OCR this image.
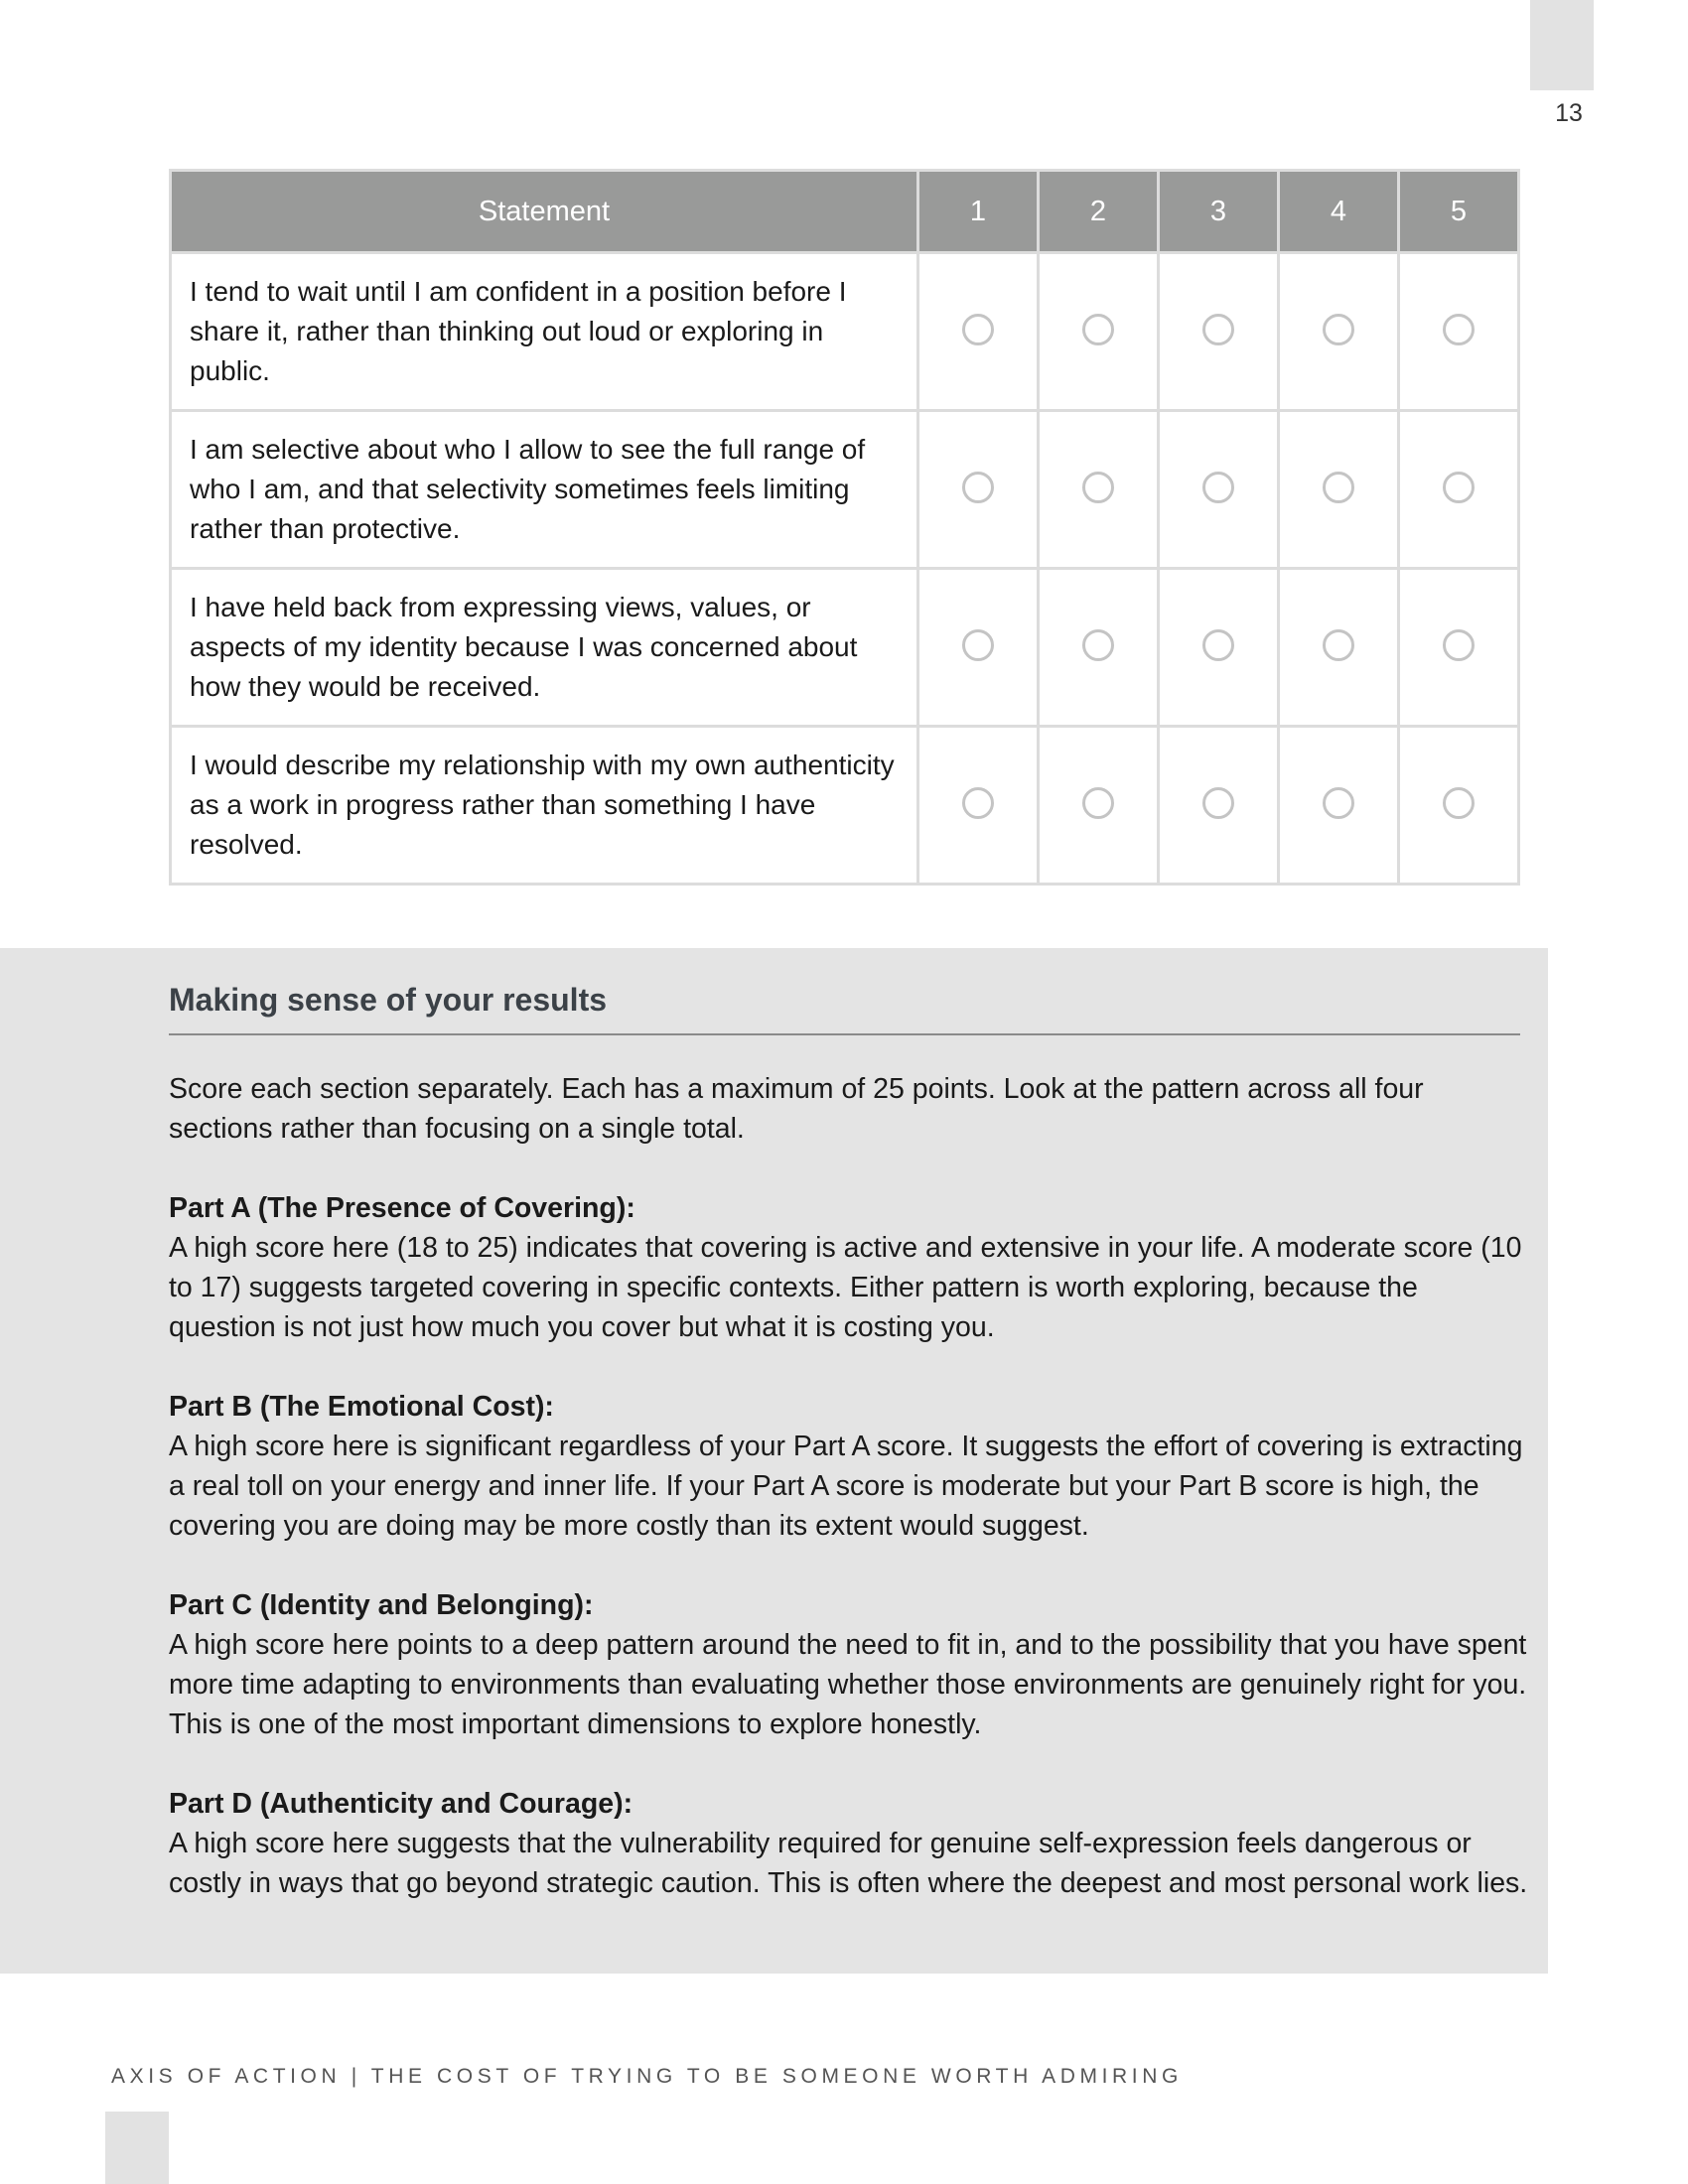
13
Statement	1	2	3	4	5
I tend to wait until I am confident in a position before I share it, rather than thinking out loud or exploring in public.					
I am selective about who I allow to see the full range of who I am, and that selectivity sometimes feels limiting rather than protective.					
I have held back from expressing views, values, or aspects of my identity because I was concerned about how they would be received.					
I would describe my relationship with my own authenticity as a work in progress rather than something I have resolved.					
Making sense of your results

Score each section separately. Each has a maximum of 25 points. Look at the pattern across all four sections rather than focusing on a single total.

Part A (The Presence of Covering):

A high score here (18 to 25) indicates that covering is active and extensive in your life. A moderate score (10 to 17) suggests targeted covering in specific contexts. Either pattern is worth exploring, because the question is not just how much you cover but what it is costing you.

Part B (The Emotional Cost):

A high score here is significant regardless of your Part A score. It suggests the effort of covering is extracting a real toll on your energy and inner life. If your Part A score is moderate but your Part B score is high, the covering you are doing may be more costly than its extent would suggest.

Part C (Identity and Belonging):

A high score here points to a deep pattern around the need to fit in, and to the possibility that you have spent more time adapting to environments than evaluating whether those environments are genuinely right for you. This is one of the most important dimensions to explore honestly.

Part D (Authenticity and Courage):

A high score here suggests that the vulnerability required for genuine self-expression feels dangerous or costly in ways that go beyond strategic caution. This is often where the deepest and most personal work lies.

AXIS OF ACTION | THE COST OF TRYING TO BE SOMEONE WORTH ADMIRING
